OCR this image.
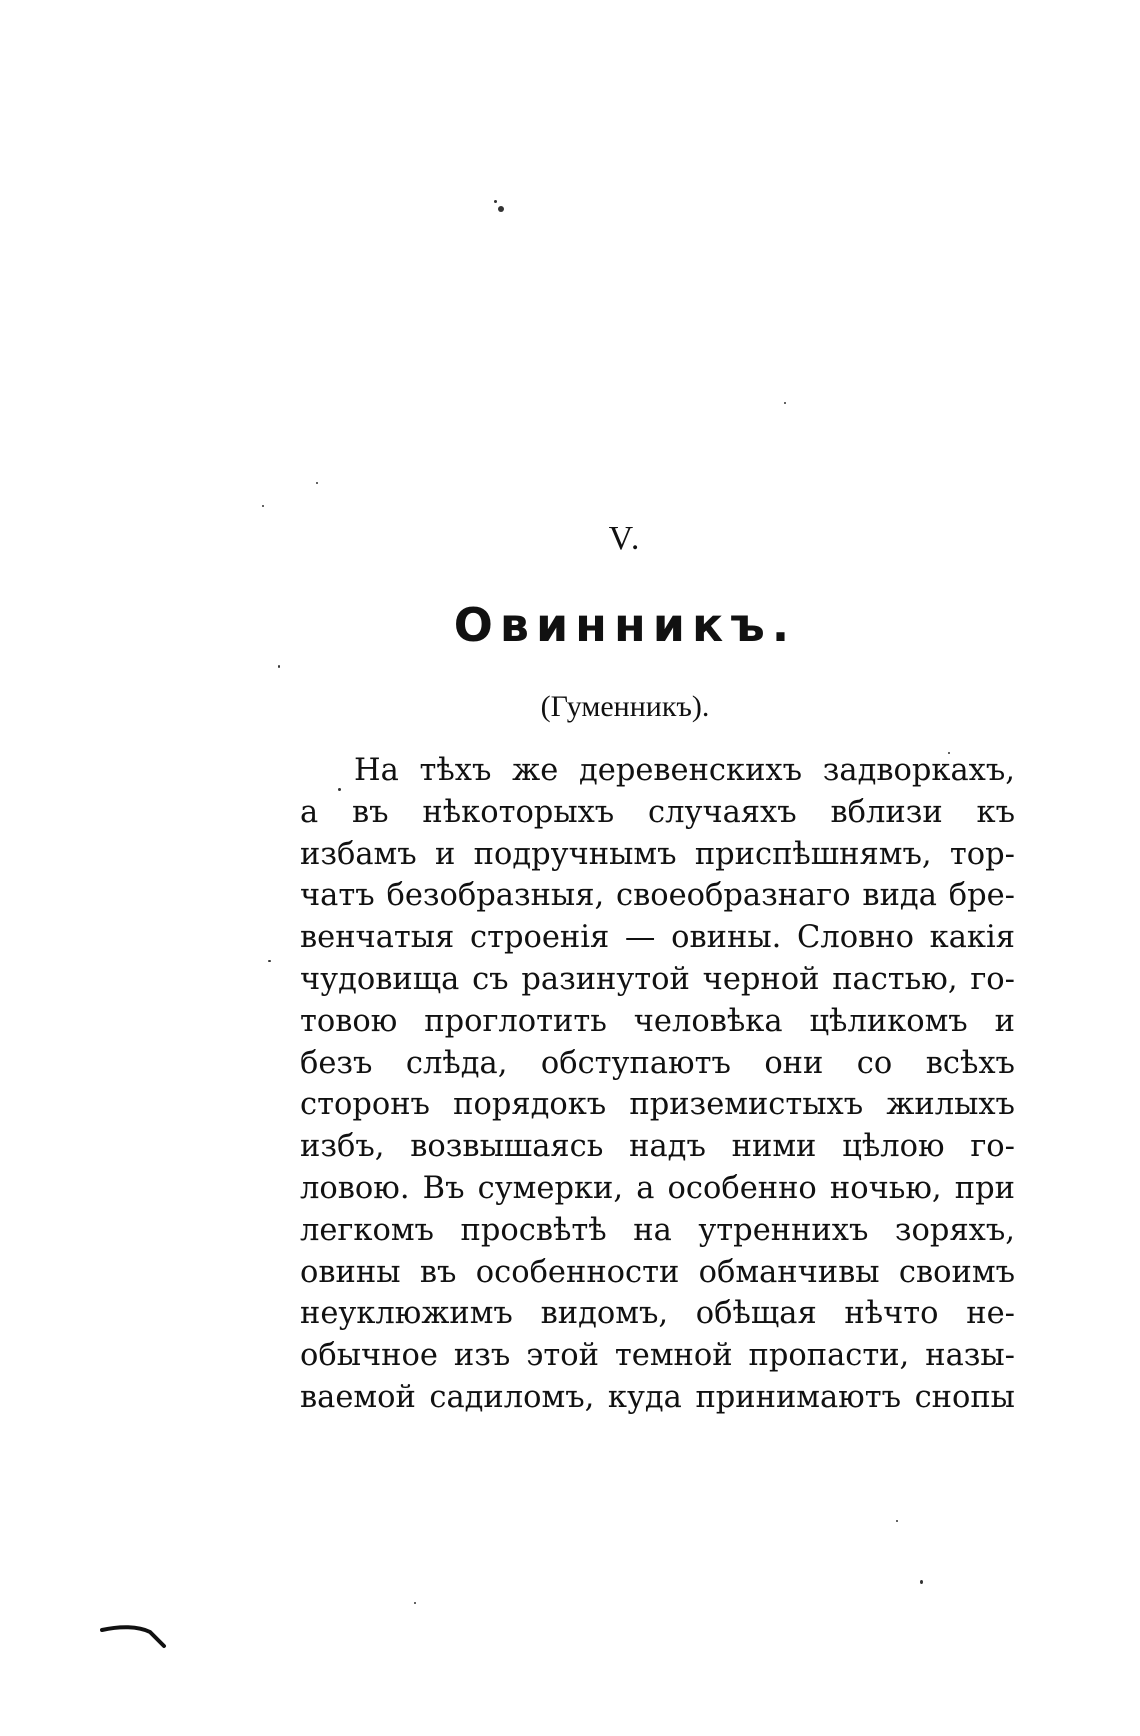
V.
Овинникъ.
(Гуменникъ).
На тѣхъ же деревенскихъ задворкахъ,
а въ нѣкоторыхъ случаяхъ вблизи къ
избамъ и подручнымъ приспѣшнямъ, тор-
чатъ безобразныя, своеобразнаго вида бре-
венчатыя строенія — овины. Словно какія
чудовища съ разинутой черной пастью, го-
товою проглотить человѣка цѣликомъ и
безъ слѣда, обступаютъ они со всѣхъ
сторонъ порядокъ приземистыхъ жилыхъ
избъ, возвышаясь надъ ними цѣлою го-
ловою. Въ сумерки, а особенно ночью, при
легкомъ просвѣтѣ на утреннихъ зоряхъ,
овины въ особенности обманчивы своимъ
неуклюжимъ видомъ, обѣщая нѣчто не-
обычное изъ этой темной пропасти, назы-
ваемой садиломъ, куда принимаютъ снопы
